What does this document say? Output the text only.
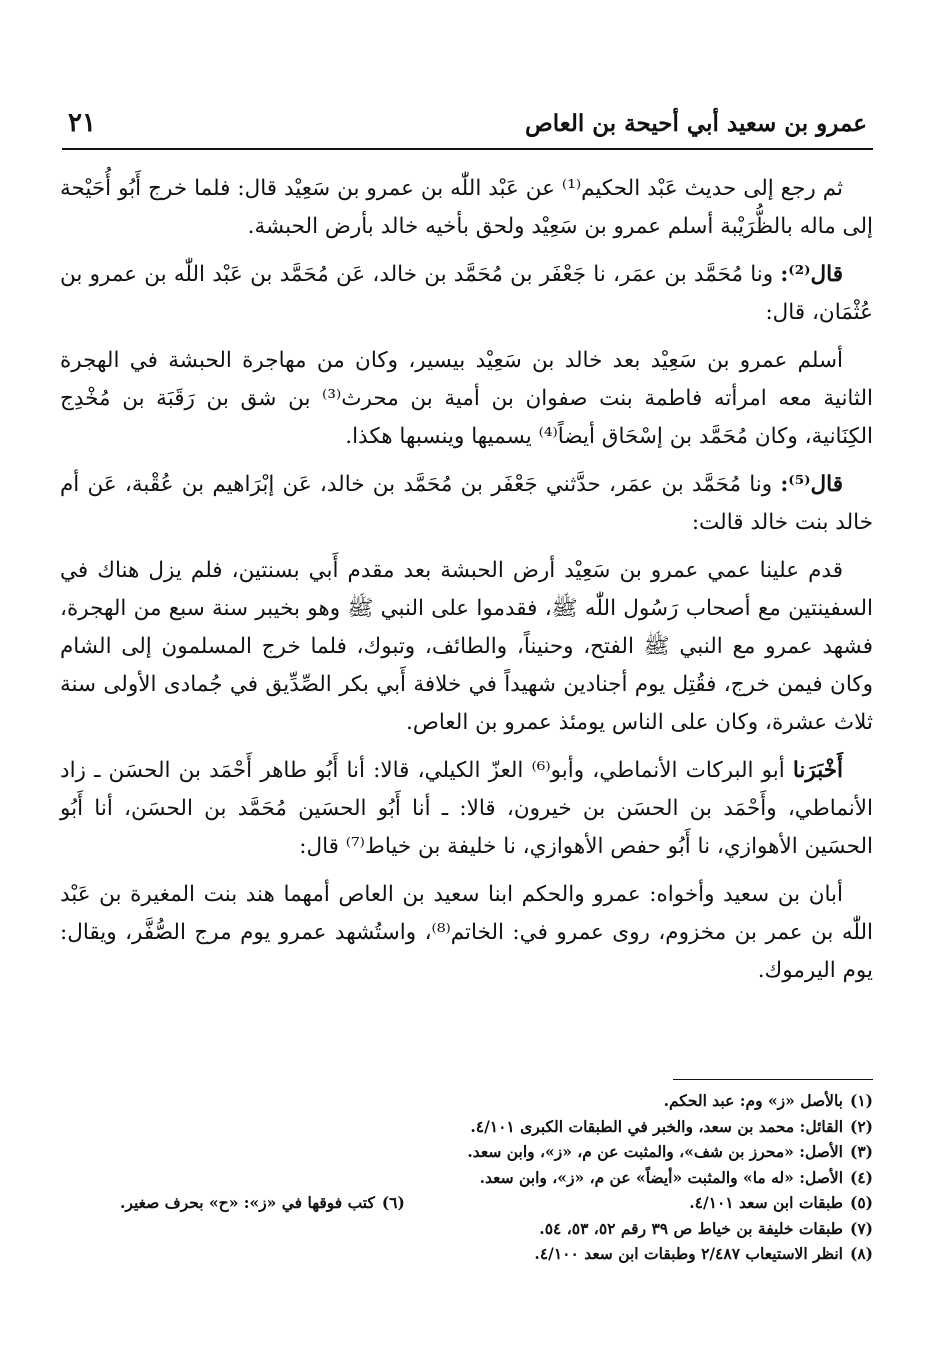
عمرو بن سعيد أبي أحيحة بن العاص
٢١

ثم رجع إلى حديث عَبْد الحكيم⁽¹⁾ عن عَبْد اللّٰه بن عمرو بن سَعِيْد قال: فلما خرج أَبُو أُحَيْحة إلى ماله بالظُّرَيْبة أسلم عمرو بن سَعِيْد ولحق بأخيه خالد بأرض الحبشة.

قال⁽²⁾: ونا مُحَمَّد بن عمَر، نا جَعْفَر بن مُحَمَّد بن خالد، عَن مُحَمَّد بن عَبْد اللّٰه بن عمرو بن عُثْمَان، قال:

أسلم عمرو بن سَعِيْد بعد خالد بن سَعِيْد بيسير، وكان من مهاجرة الحبشة في الهجرة الثانية معه امرأته فاطمة بنت صفوان بن أمية بن محرث⁽³⁾ بن شق بن رَقَبَة بن مُخْدِج الكِنَانية، وكان مُحَمَّد بن إسْحَاق أيضاً⁽⁴⁾ يسميها وينسبها هكذا.

قال⁽⁵⁾: ونا مُحَمَّد بن عمَر، حدَّثني جَعْفَر بن مُحَمَّد بن خالد، عَن إبْرَاهيم بن عُقْبة، عَن أم خالد بنت خالد قالت:

قدم علينا عمي عمرو بن سَعِيْد أرض الحبشة بعد مقدم أَبي بسنتين، فلم يزل هناك في السفينتين مع أصحاب رَسُول اللّٰه ﷺ، فقدموا على النبي ﷺ وهو بخيبر سنة سبع من الهجرة، فشهد عمرو مع النبي ﷺ الفتح، وحنيناً، والطائف، وتبوك، فلما خرج المسلمون إلى الشام وكان فيمن خرج، فقُتِل يوم أجنادين شهيداً في خلافة أَبي بكر الصِّدِّيق في جُمادى الأولى سنة ثلاث عشرة، وكان على الناس يومئذ عمرو بن العاص.

أَخْبَرَنا أبو البركات الأنماطي، وأبو⁽⁶⁾ العزّ الكيلي، قالا: أنا أَبُو طاهر أَحْمَد بن الحسَن ـ زاد الأنماطي، وأَحْمَد بن الحسَن بن خيرون، قالا: ـ أنا أَبُو الحسَين مُحَمَّد بن الحسَن، أنا أَبُو الحسَين الأهوازي، نا أَبُو حفص الأهوازي، نا خليفة بن خياط⁽⁷⁾ قال:

أبان بن سعيد وأخواه: عمرو والحكم ابنا سعيد بن العاص أمهما هند بنت المغيرة بن عَبْد اللّٰه بن عمر بن مخزوم، روى عمرو في: الخاتم⁽⁸⁾، واستُشهد عمرو يوم مرج الصُّفَّر، ويقال: يوم اليرموك.

(١)بالأصل «ز» وم: عبد الحكم.
(٢)القائل: محمد بن سعد، والخبر في الطبقات الكبرى ٤/١٠١.
(٣)الأصل: «محرز بن شف»، والمثبت عن م، «ز»، وابن سعد.
(٤)الأصل: «له ما» والمثبت «أيضاً» عن م، «ز»، وابن سعد.
(٥)طبقات ابن سعد ٤/١٠١.
(٦)كتب فوقها في «ز»: «ح» بحرف صغير.
(٧)طبقات خليفة بن خياط ص ٣٩ رقم ٥٢، ٥٣، ٥٤.
(٨)انظر الاستيعاب ٢/٤٨٧ وطبقات ابن سعد ٤/١٠٠.
